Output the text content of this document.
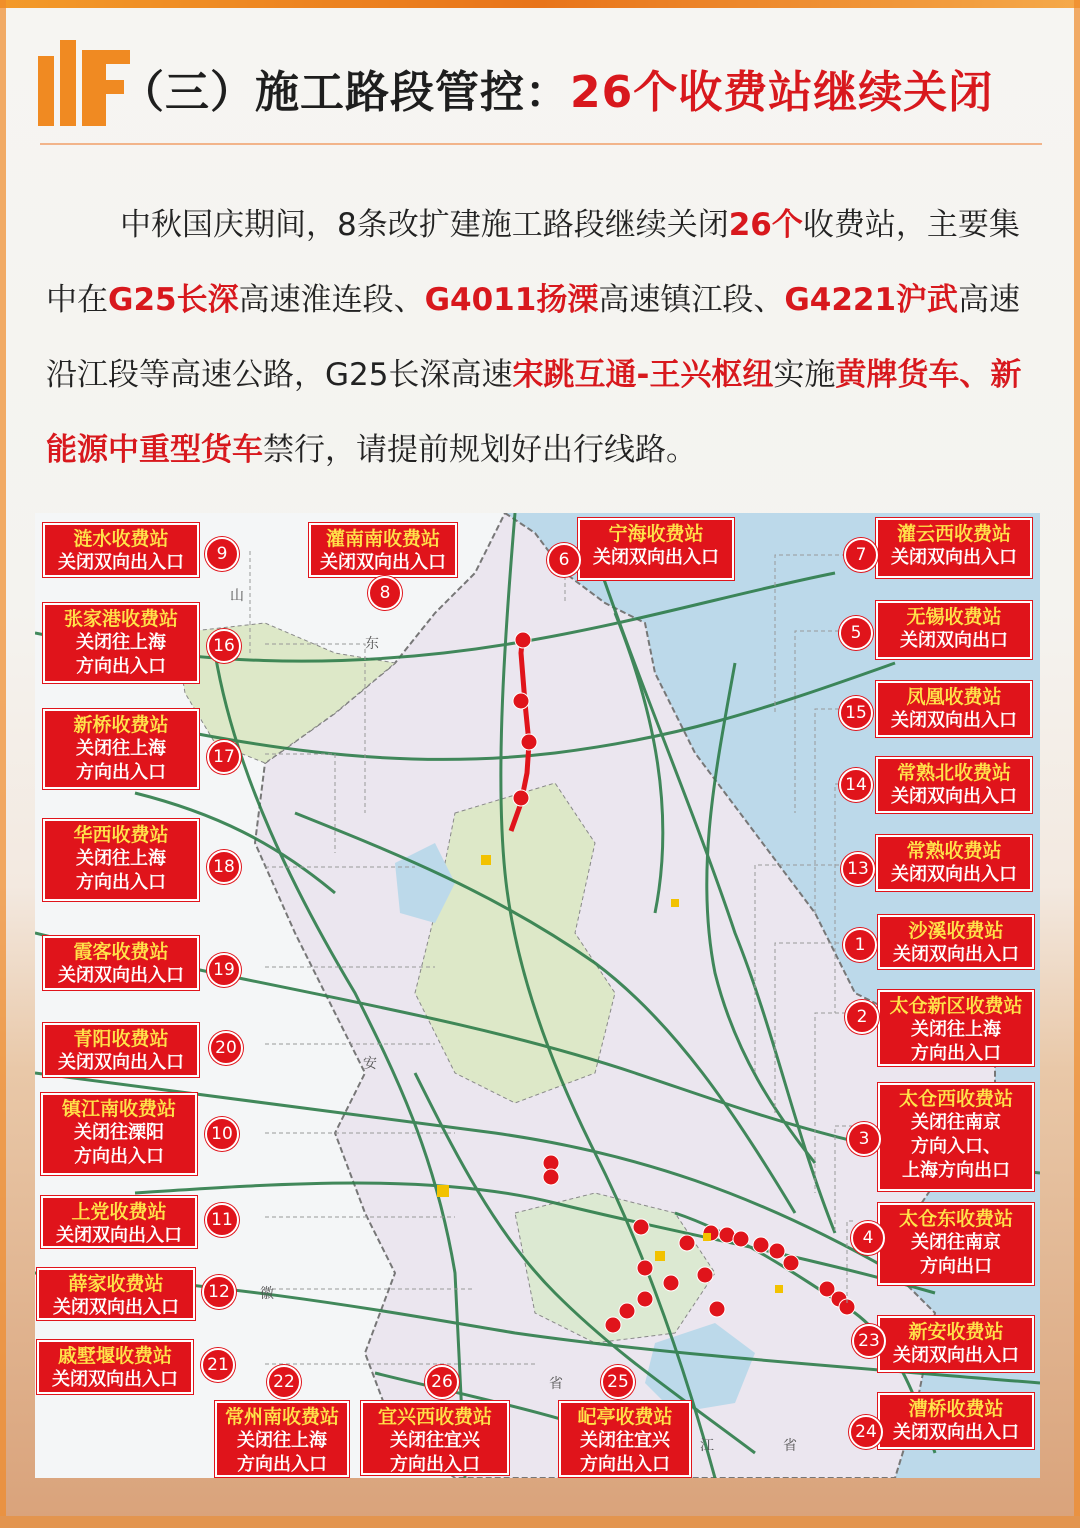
（三）施工路段管控：26个收费站继续关闭
中秋国庆期间，8条改扩建施工路段继续关闭26个收费站，主要集中在G25长深高速淮连段、G4011扬溧高速镇江段、G4221沪武高速沿江段等高速公路，G25长深高速宋跳互通-王兴枢纽实施黄牌货车、新能源中重型货车禁行，请提前规划好出行线路。
山
东
安
徽
省
江	省
涟水收费站
关闭双向出入口	9
灌南南收费站
关闭双向出入口
8
宁海收费站
关闭双向出入口
6
灌云西收费站
关闭双向出入口
7
张家港收费站
关闭往上海
方向出入口
16
无锡收费站
关闭双向出口
5
新桥收费站
关闭往上海
方向出入口
17
凤凰收费站
关闭双向出入口
15
常熟北收费站
关闭双向出入口
14
华西收费站
关闭往上海
方向出入口
18
常熟收费站
关闭双向出入口
13
霞客收费站
关闭双向出入口	19
沙溪收费站
关闭双向出入口
1
太仓新区收费站
关闭往上海
方向出入口
2
青阳收费站
关闭双向出入口
20
镇江南收费站
关闭往溧阳
方向出入口
10
太仓西收费站
关闭往南京
方向入口、
上海方向出口
3
上党收费站
关闭双向出入口
11	太仓东收费站
关闭往南京
方向出口
4
薛家收费站
关闭双向出入口
12
戚墅堰收费站
关闭双向出入口
21
新安收费站
关闭双向出入口
23
常州南收费站
关闭往上海
方向出入口
22
宜兴西收费站
关闭往宜兴
方向出入口
26
屺亭收费站
关闭往宜兴
方向出入口
25
漕桥收费站
关闭双向出入口
24
